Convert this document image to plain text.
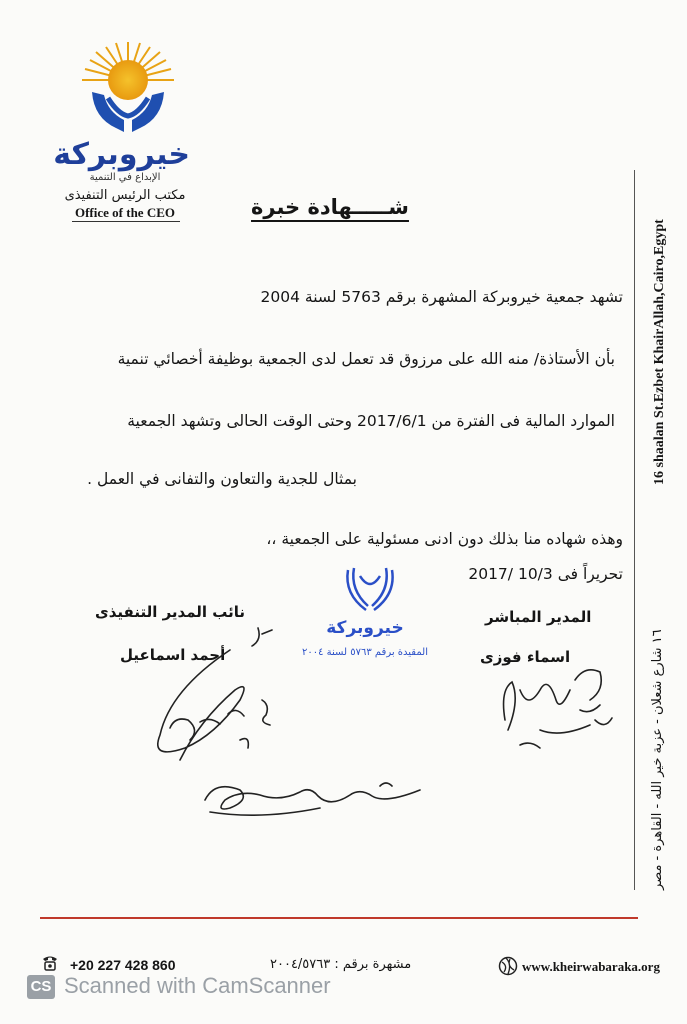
خيروبركة
الإبداع في التنمية
مكتب الرئيس التنفيذى
Office of the CEO	شـــــهادة خبرة
تشهد جمعية خيروبركة المشهرة برقم 5763 لسنة 2004
بأن الأستاذة/ منه الله على مرزوق قد تعمل لدى الجمعية بوظيفة أخصائي تنمية
الموارد المالية فى الفترة من 2017/6/1 وحتى الوقت الحالى وتشهد الجمعية
بمثال للجدية والتعاون والتفانى في العمل .
وهذه شهاده منا بذلك دون ادنى مسئولية على الجمعية ،،
تحريراً فى 10/3 /2017
نائب المدير التنفيذى
أحمد اسماعيل
المدير المباشر
اسماء فوزى
خيروبركة
المقيدة برقم ٥٧٦٣ لسنة ٢٠٠٤
16 shaalan St.Ezbet KhairAllah,Cairo,Egypt
١٦ شارع شعلان - عزبة خير الله - القاهرة - مصر
+20 227 428 860	مشهرة برقم : ٢٠٠٤/٥٧٦٣	www.kheirwabaraka.org
CS Scanned with CamScanner
